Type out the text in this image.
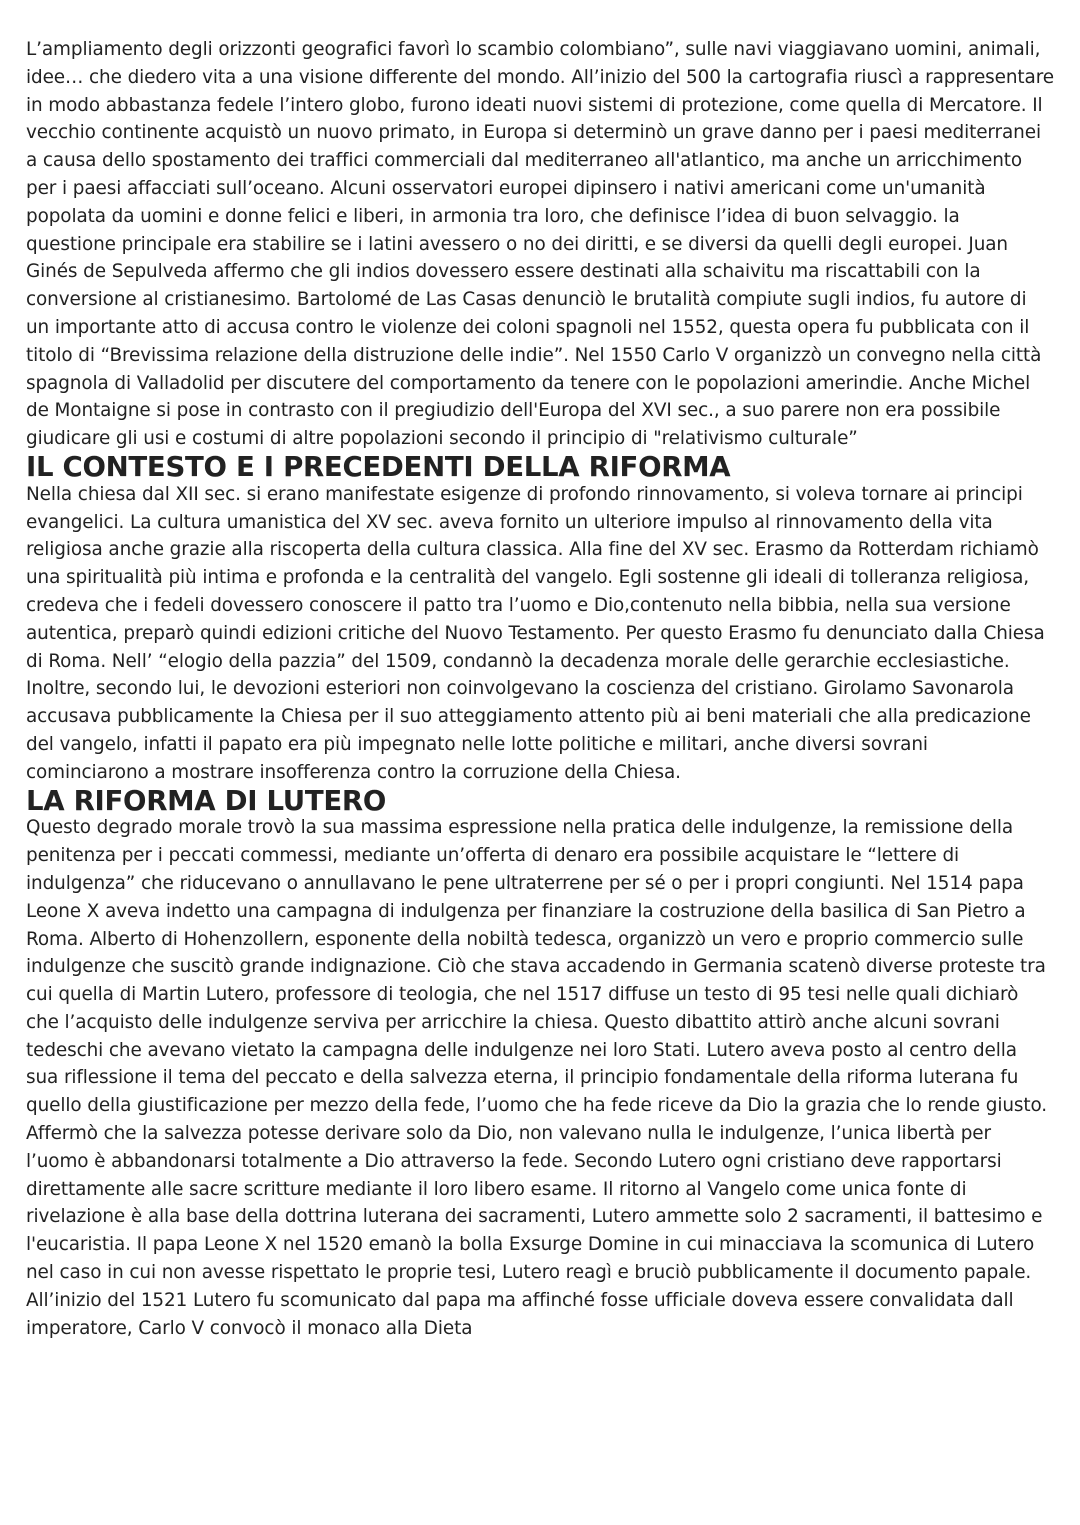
L’ampliamento degli orizzonti geografici favorì lo scambio colombiano”, sulle navi viaggiavano uomini, animali, idee… che diedero vita a una visione differente del mondo. All’inizio del 500 la cartografia riuscì a rappresentare in modo abbastanza fedele l’intero globo, furono ideati nuovi sistemi di protezione, come quella di Mercatore. Il vecchio continente acquistò un nuovo primato, in Europa si determinò un grave danno per i paesi mediterranei a causa dello spostamento dei traffici commerciali dal mediterraneo all'atlantico, ma anche un arricchimento per i paesi affacciati sull’oceano. Alcuni osservatori europei dipinsero i nativi americani come un'umanità popolata da uomini e donne felici e liberi, in armonia tra loro, che definisce l’idea di buon selvaggio. la questione principale era stabilire se i latini avessero o no dei diritti, e se diversi da quelli degli europei. Juan Ginés de Sepulveda affermo che gli indios dovessero essere destinati alla schaivitu ma riscattabili con la conversione al cristianesimo. Bartolomé de Las Casas denunciò le brutalità compiute sugli indios, fu autore di un importante atto di accusa contro le violenze dei coloni spagnoli nel 1552, questa opera fu pubblicata con il titolo di “Brevissima relazione della distruzione delle indie”. Nel 1550 Carlo V organizzò un convegno nella città spagnola di Valladolid per discutere del comportamento da tenere con le popolazioni amerindie. Anche Michel de Montaigne si pose in contrasto con il pregiudizio dell'Europa del XVI sec., a suo parere non era possibile giudicare gli usi e costumi di altre popolazioni secondo il principio di "relativismo culturale”

IL CONTESTO E I PRECEDENTI DELLA RIFORMA

Nella chiesa dal XII sec. si erano manifestate esigenze di profondo rinnovamento, si voleva tornare ai principi evangelici. La cultura umanistica del XV sec. aveva fornito un ulteriore impulso al rinnovamento della vita religiosa anche grazie alla riscoperta della cultura classica. Alla fine del XV sec. Erasmo da Rotterdam richiamò una spiritualità più intima e profonda e la centralità del vangelo. Egli sostenne gli ideali di tolleranza religiosa, credeva che i fedeli dovessero conoscere il patto tra l’uomo e Dio,contenuto nella bibbia, nella sua versione autentica, preparò quindi edizioni critiche del Nuovo Testamento. Per questo Erasmo fu denunciato dalla Chiesa di Roma. Nell’ “elogio della pazzia” del 1509, condannò la decadenza morale delle gerarchie ecclesiastiche. Inoltre, secondo lui, le devozioni esteriori non coinvolgevano la coscienza del cristiano. Girolamo Savonarola accusava pubblicamente la Chiesa per il suo atteggiamento attento più ai beni materiali che alla predicazione del vangelo, infatti il papato era più impegnato nelle lotte politiche e militari, anche diversi sovrani cominciarono a mostrare insofferenza contro la corruzione della Chiesa.

LA RIFORMA DI LUTERO

Questo degrado morale trovò la sua massima espressione nella pratica delle indulgenze, la remissione della penitenza per i peccati commessi, mediante un’offerta di denaro era possibile acquistare le “lettere di indulgenza” che riducevano o annullavano le pene ultraterrene per sé o per i propri congiunti. Nel 1514 papa Leone X aveva indetto una campagna di indulgenza per finanziare la costruzione della basilica di San Pietro a Roma. Alberto di Hohenzollern, esponente della nobiltà tedesca, organizzò un vero e proprio commercio sulle indulgenze che suscitò grande indignazione. Ciò che stava accadendo in Germania scatenò diverse proteste tra cui quella di Martin Lutero, professore di teologia, che nel 1517 diffuse un testo di 95 tesi nelle quali dichiarò che l’acquisto delle indulgenze serviva per arricchire la chiesa. Questo dibattito attirò anche alcuni sovrani tedeschi che avevano vietato la campagna delle indulgenze nei loro Stati. Lutero aveva posto al centro della sua riflessione il tema del peccato e della salvezza eterna, il principio fondamentale della riforma luterana fu quello della giustificazione per mezzo della fede, l’uomo che ha fede riceve da Dio la grazia che lo rende giusto. Affermò che la salvezza potesse derivare solo da Dio, non valevano nulla le indulgenze, l’unica libertà per l’uomo è abbandonarsi totalmente a Dio attraverso la fede. Secondo Lutero ogni cristiano deve rapportarsi direttamente alle sacre scritture mediante il loro libero esame. Il ritorno al Vangelo come unica fonte di rivelazione è alla base della dottrina luterana dei sacramenti, Lutero ammette solo 2 sacramenti, il battesimo e l'eucaristia. Il papa Leone X nel 1520 emanò la bolla Exsurge Domine in cui minacciava la scomunica di Lutero nel caso in cui non avesse rispettato le proprie tesi, Lutero reagì e bruciò pubblicamente il documento papale. All’inizio del 1521 Lutero fu scomunicato dal papa ma affinché fosse ufficiale doveva essere convalidata dall imperatore, Carlo V convocò il monaco alla Dieta
